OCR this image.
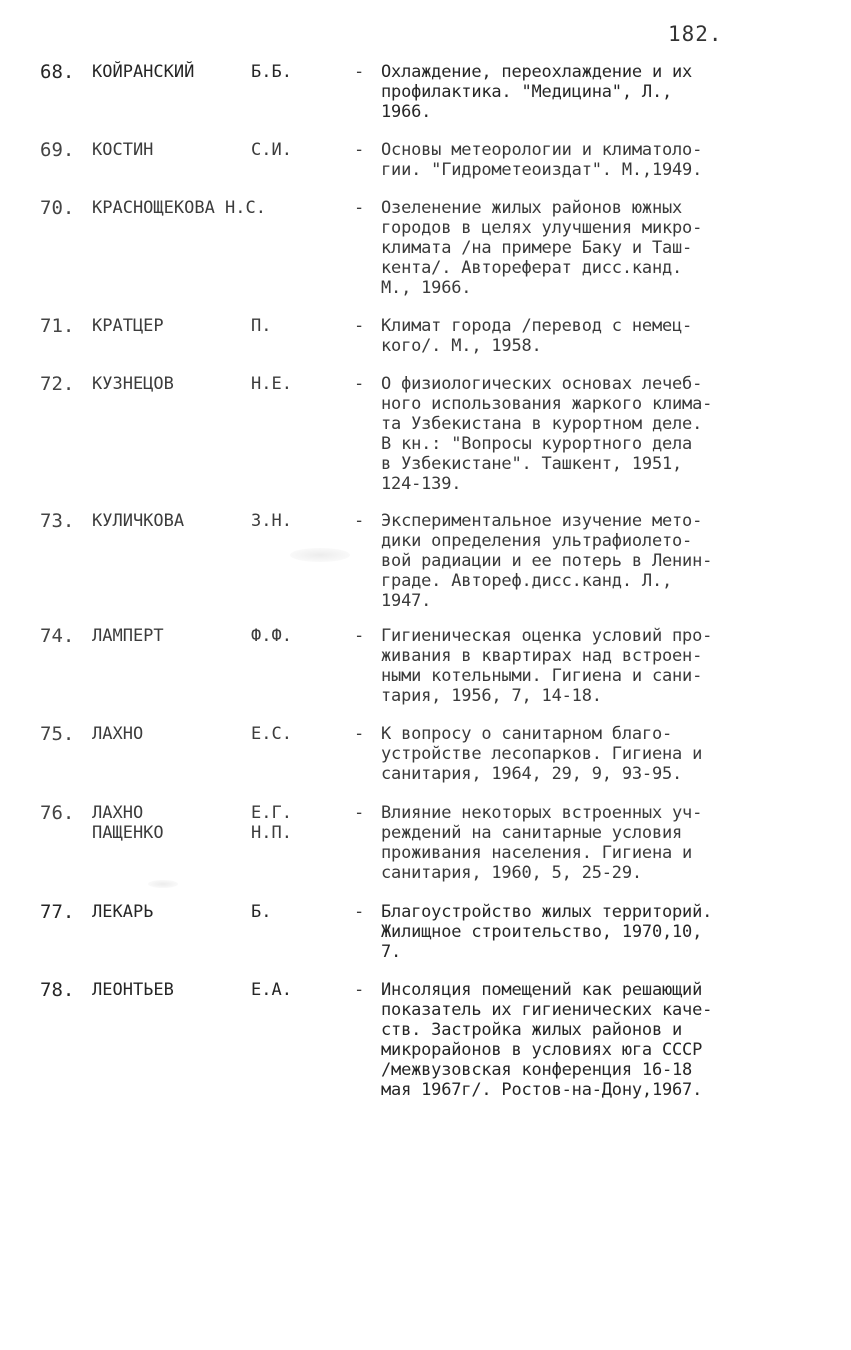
182.
68. КОЙРАНСКИЙ	Б.Б.	- Охлаждение, переохлаждение и их
профилактика. "Медицина", Л.,
1966.
69. КОСТИН	С.И.	- Основы метеорологии и климатоло-
гии. "Гидрометеоиздат". М.,1949.
70. КРАСНОЩЕКОВА Н.С.	- Озеленение жилых районов южных
городов в целях улучшения микро-
климата /на примере Баку и Таш-
кента/. Автореферат дисс.канд.
М., 1966.
71. КРАТЦЕР	П.	- Климат города /перевод с немец-
кого/. М., 1958.
72. КУЗНЕЦОВ	Н.Е.	- О физиологических основах лечеб-
ного использования жаркого клима-
та Узбекистана в курортном деле.
В кн.: "Вопросы курортного дела
в Узбекистане". Ташкент, 1951,
124-139.
73. КУЛИЧКОВА	З.Н.	- Экспериментальное изучение мето-
дики определения ультрафиолето-
вой радиации и ее потерь в Ленин-
граде. Автореф.дисс.канд. Л.,
1947.
74. ЛАМПЕРТ	Ф.Ф.	- Гигиеническая оценка условий про-
живания в квартирах над встроен-
ными котельными. Гигиена и сани-
тария, 1956, 7, 14-18.
75. ЛАХНО	Е.С.	- К вопросу о санитарном благо-
устройстве лесопарков. Гигиена и
санитария, 1964, 29, 9, 93-95.
76. ЛАХНО	Е.Г.
ПАЩЕНКО	Н.П.
- Влияние некоторых встроенных уч-
реждений на санитарные условия
проживания населения. Гигиена и
санитария, 1960, 5, 25-29.
77. ЛЕКАРЬ	Б.	- Благоустройство жилых территорий.
Жилищное строительство, 1970,10,
7.
78. ЛЕОНТЬЕВ	Е.А.	- Инсоляция помещений как решающий
показатель их гигиенических каче-
ств. Застройка жилых районов и
микрорайонов в условиях юга СССР
/межвузовская конференция 16-18
мая 1967г/. Ростов-на-Дону,1967.
